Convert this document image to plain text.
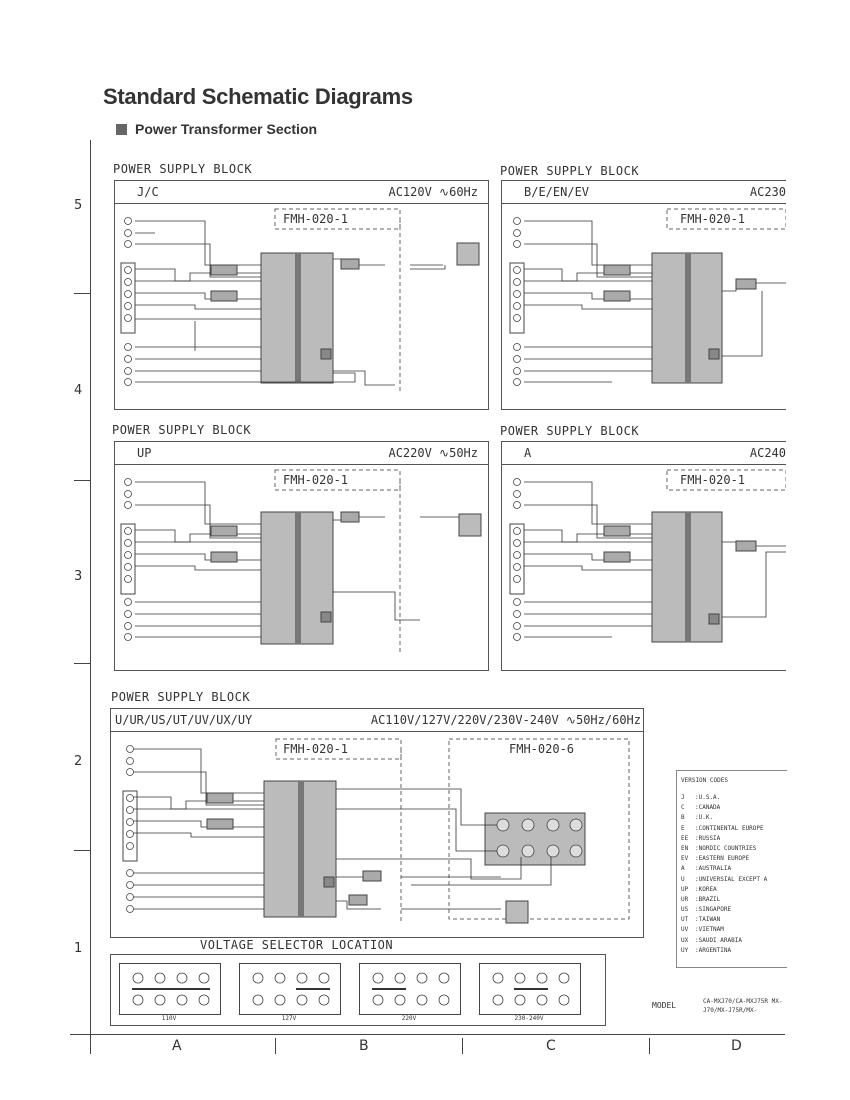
Standard Schematic Diagrams
Power Transformer Section
5
4
3
2
1
A	B	C	D
POWER SUPPLY BLOCK	POWER SUPPLY BLOCK
POWER SUPPLY BLOCK	POWER SUPPLY BLOCK
POWER SUPPLY BLOCK
J/C	AC120V ∿60Hz
FMH-020-1
B/E/EN/EV	AC230
FMH-020-1
UP	AC220V ∿50Hz
FMH-020-1
A	AC240
FMH-020-1
U/UR/US/UT/UV/UX/UY	AC110V/127V/220V/230V-240V ∿50Hz/60Hz
FMH-020-1	FMH-020-6
VOLTAGE SELECTOR LOCATION
110V	127V	220V	230-240V
VERSION CODES
J	:U.S.A.
C	:CANADA
B	:U.K.
E	:CONTINENTAL EUROPE
EE	:RUSSIA
EN	:NORDIC COUNTRIES
EV	:EASTERN EUROPE
A	:AUSTRALIA
U	:UNIVERSIAL EXCEPT A
UP	:KOREA
UR	:BRAZIL
US	:SINGAPORE
UT	:TAIWAN
UV	:VIETNAM
UX	:SAUDI ARABIA
UY	:ARGENTINA
MODEL	CA-MXJ70/CA-MXJ75R MX-J70/MX-J75R/MX-
